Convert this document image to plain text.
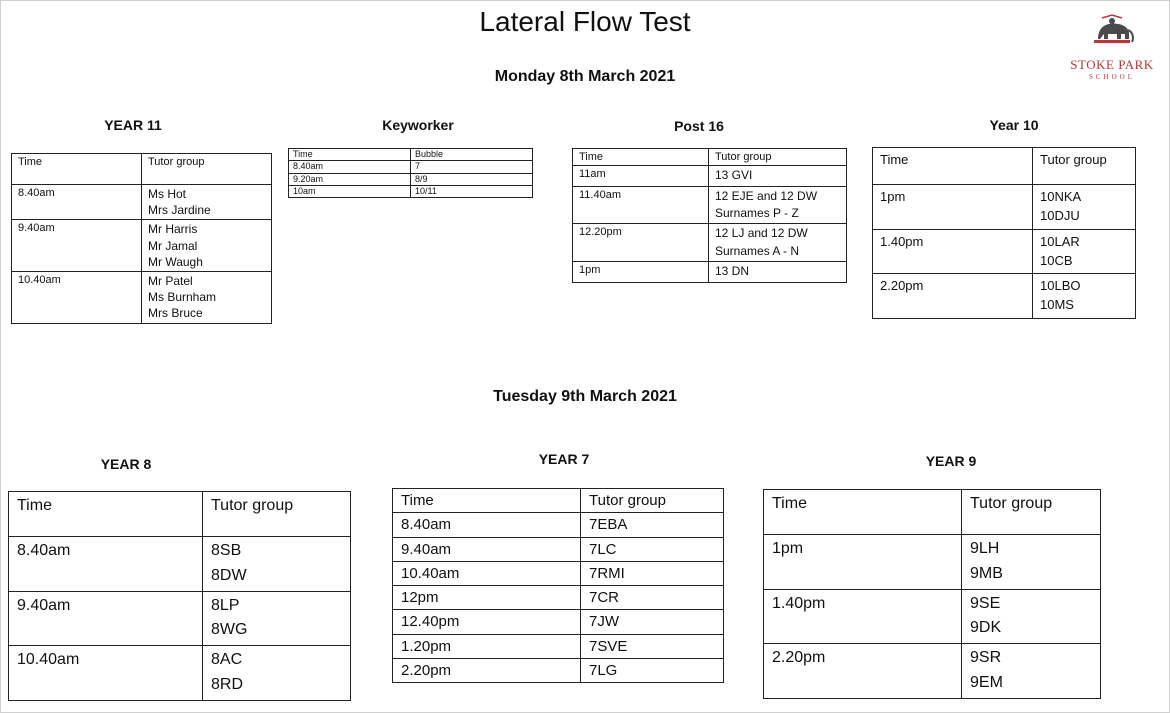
Lateral Flow Test
STOKE PARK
SCHOOL
Monday 8th March 2021
YEAR 11
Time	Tutor group
8.40am	Ms Hot
Mrs Jardine

9.40am	Mr Harris
Mr Jamal
Mr Waugh

10.40am	Mr Patel
Ms Burnham
Mrs Bruce
Keyworker
Time	Bubble
8.40am	7
9.20am	8/9
10am	10/11
Post 16
Time	Tutor group
11am	13 GVI

11.40am	12 EJE and 12 DW
Surnames P - Z

12.20pm	12 LJ and 12 DW
Surnames A - N

1pm	13 DN
Year 10
Time	Tutor group
1pm	10NKA
10DJU

1.40pm	10LAR
10CB

2.20pm	10LBO
10MS
Tuesday 9th March 2021
YEAR 8
Time	Tutor group
8.40am	8SB
8DW

9.40am	8LP
8WG

10.40am	8AC
8RD
YEAR 7
Time	Tutor group
8.40am	7EBA
9.40am	7LC
10.40am	7RMI
12pm	7CR
12.40pm	7JW
1.20pm	7SVE
2.20pm	7LG
YEAR 9
Time	Tutor group
1pm	9LH
9MB

1.40pm	9SE
9DK

2.20pm	9SR
9EM
